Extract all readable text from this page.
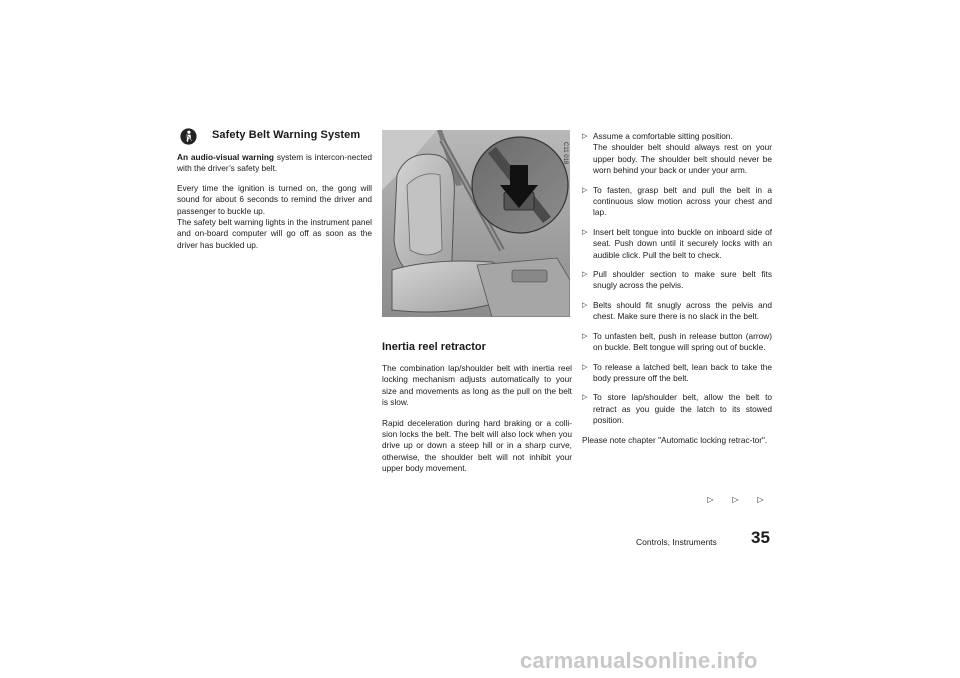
Safety Belt Warning System

An audio-visual warning system is intercon-nected with the driver’s safety belt.

Every time the ignition is turned on, the gong will sound for about 6 seconds to remind the driver and passenger to buckle up.

The safety belt warning lights in the instrument panel and on-board computer will go off as soon as the driver has buckled up.

C11 018
Inertia reel retractor

The combination lap/shoulder belt with inertia reel locking mechanism adjusts automatically to your size and movements as long as the pull on the belt is slow.

Rapid deceleration during hard braking or a colli-sion locks the belt. The belt will also lock when you drive up or down a steep hill or in a sharp curve, otherwise, the shoulder belt will not inhibit your upper body movement.

▷ Assume a comfortable sitting position.
The shoulder belt should always rest on your upper body. The shoulder belt should never be worn behind your back or under your arm.
▷ To fasten, grasp belt and pull the belt in a continuous slow motion across your chest and lap.
▷ Insert belt tongue into buckle on inboard side of seat. Push down until it securely locks with an audible click. Pull the belt to check.
▷ Pull shoulder section to make sure belt fits snugly across the pelvis.
▷ Belts should fit snugly across the pelvis and chest. Make sure there is no slack in the belt.
▷ To unfasten belt, push in release button (arrow) on buckle. Belt tongue will spring out of buckle.
▷ To release a latched belt, lean back to take the body pressure off the belt.
▷ To store lap/shoulder belt, allow the belt to retract as you guide the latch to its stowed position.

Please note chapter "Automatic locking retrac-tor".

▷ ▷ ▷
Controls, Instruments 35
carmanualsonline.info
